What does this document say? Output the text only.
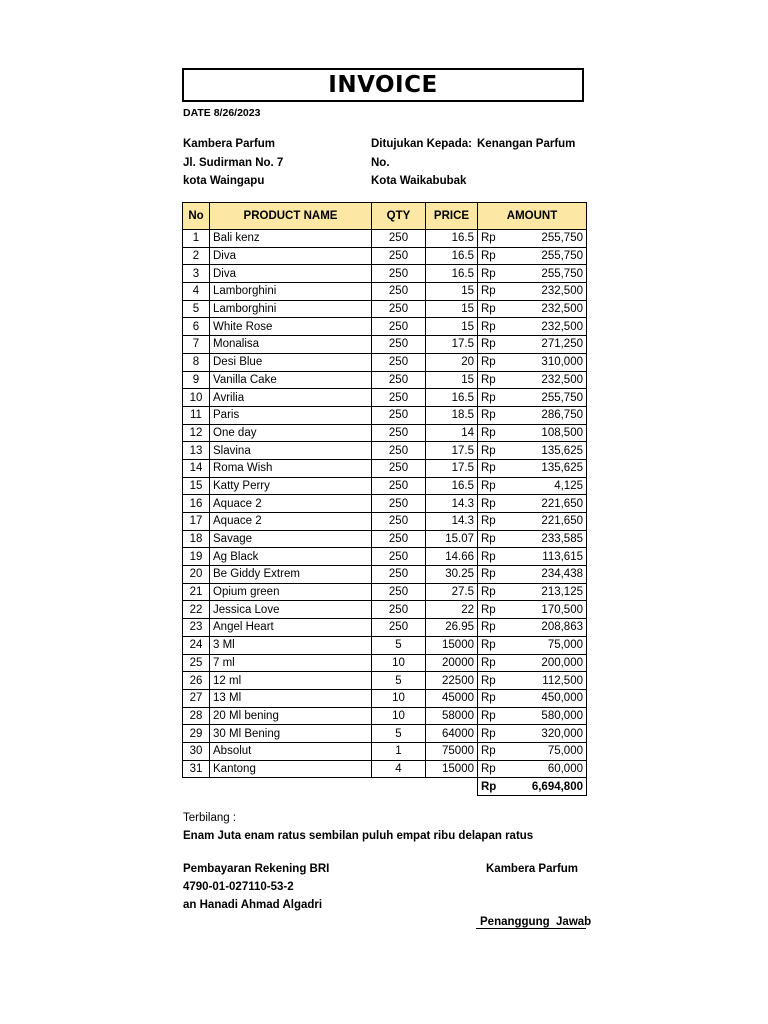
INVOICE
DATE 8/26/2023
Kambera Parfum
Jl. Sudirman No. 7
kota Waingapu
Ditujukan Kepada: Kenangan Parfum
No.
Kota Waikabubak
No	PRODUCT NAME	QTY	PRICE	AMOUNT
1	Bali kenz	250	16.5	Rp 255,750

2	Diva	250	16.5	Rp 255,750

3	Diva	250	16.5	Rp 255,750

4	Lamborghini	250	15	Rp 232,500

5	Lamborghini	250	15	Rp 232,500

6	White Rose	250	15	Rp 232,500

7	Monalisa	250	17.5	Rp 271,250

8	Desi Blue	250	20	Rp 310,000

9	Vanilla Cake	250	15	Rp 232,500

10	Avrilia	250	16.5	Rp 255,750

11	Paris	250	18.5	Rp 286,750

12	One day	250	14	Rp 108,500

13	Slavina	250	17.5	Rp 135,625

14	Roma Wish	250	17.5	Rp 135,625

15	Katty Perry	250	16.5	Rp 4,125

16	Aquace 2	250	14.3	Rp 221,650

17	Aquace 2	250	14.3	Rp 221,650

18	Savage	250	15.07	Rp 233,585

19	Ag Black	250	14.66	Rp 113,615

20	Be Giddy Extrem	250	30.25	Rp 234,438

21	Opium green	250	27.5	Rp 213,125

22	Jessica Love	250	22	Rp 170,500

23	Angel Heart	250	26.95	Rp 208,863

24	3 Ml	5	15000	Rp 75,000

25	7 ml	10	20000	Rp 200,000

26	12 ml	5	22500	Rp 112,500

27	13 Ml	10	45000	Rp 450,000

28	20 Ml bening	10	58000	Rp 580,000

29	30 Ml Bening	5	64000	Rp 320,000

30	Absolut	1	75000	Rp 75,000

31	Kantong	4	15000	Rp 60,000

				Rp 6,694,800
Terbilang :
Enam Juta enam ratus sembilan puluh empat ribu delapan ratus
Pembayaran Rekening BRI
4790-01-027110-53-2
an Hanadi Ahmad Algadri
Kambera Parfum
Penanggung  Jawab
